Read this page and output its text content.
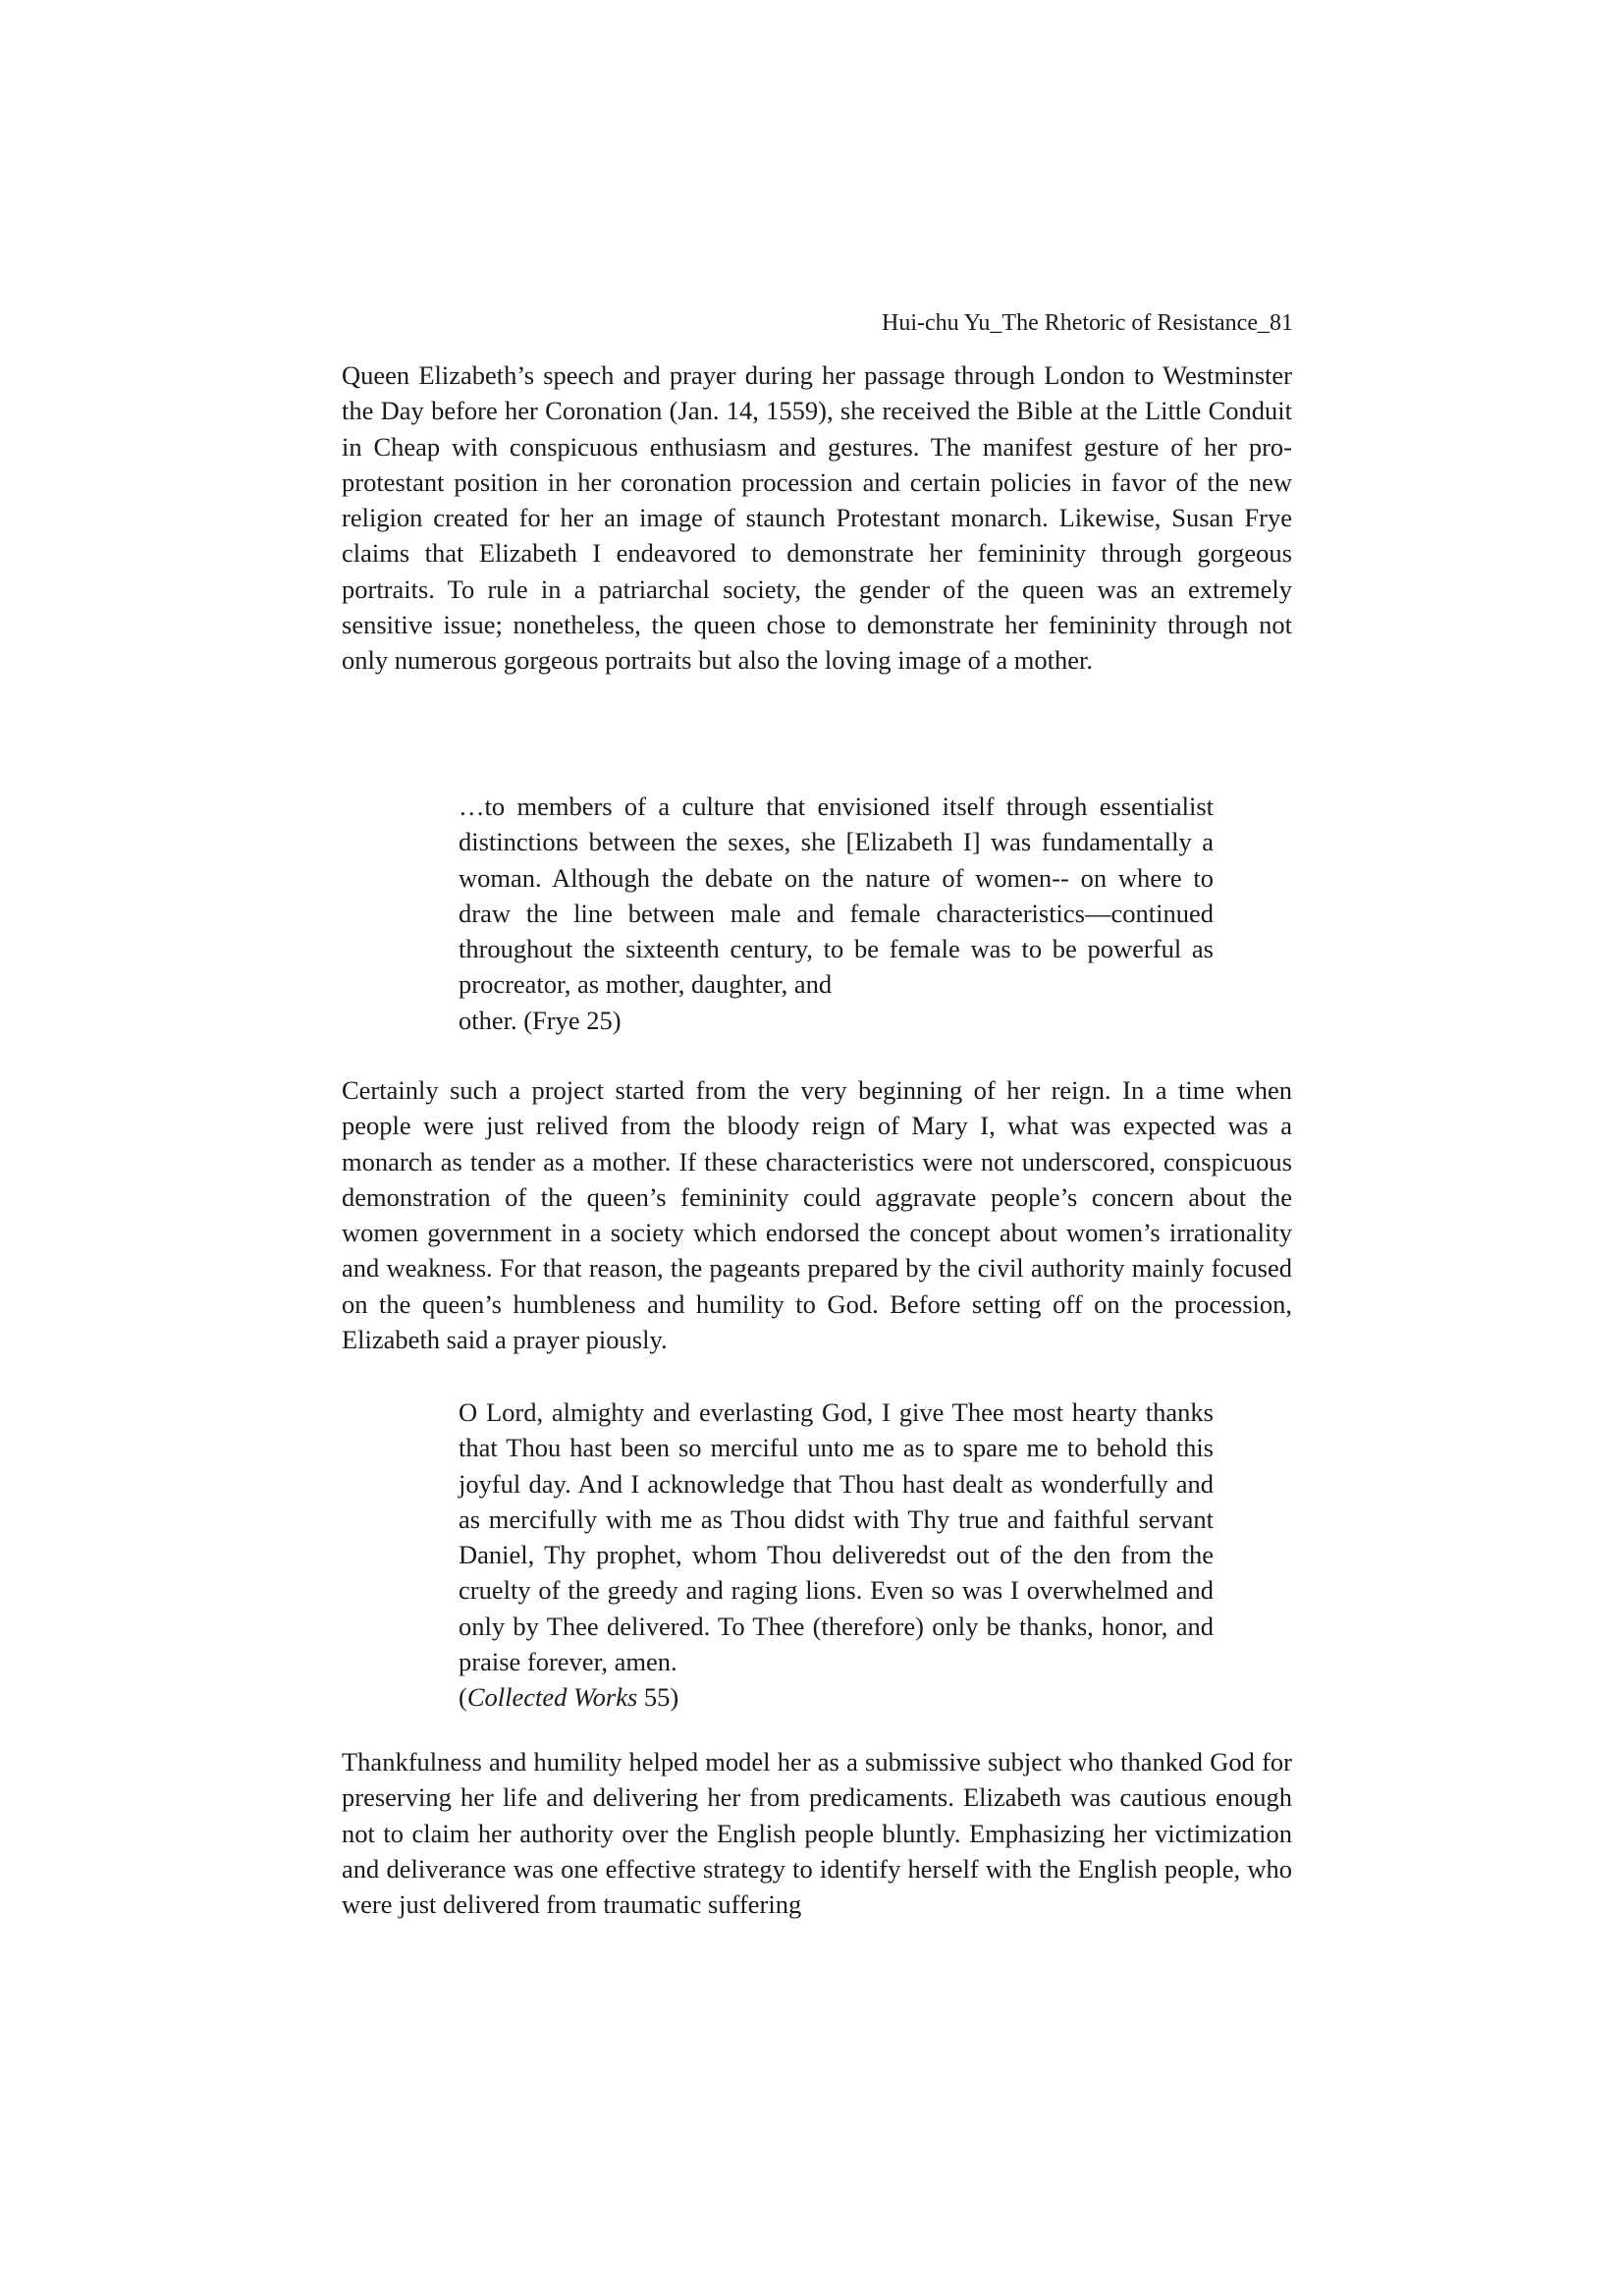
Hui-chu Yu_The Rhetoric of Resistance_81

Queen Elizabeth’s speech and prayer during her passage through London to Westminster the Day before her Coronation (Jan. 14, 1559), she received the Bible at the Little Conduit in Cheap with conspicuous enthusiasm and gestures. The manifest gesture of her pro-protestant position in her coronation procession and certain policies in favor of the new religion created for her an image of staunch Protestant monarch. Likewise, Susan Frye claims that Elizabeth I endeavored to demonstrate her femininity through gorgeous portraits. To rule in a patriarchal society, the gender of the queen was an extremely sensitive issue; nonetheless, the queen chose to demonstrate her femininity through not only numerous gorgeous portraits but also the loving image of a mother.

…to members of a culture that envisioned itself through essentialist distinctions between the sexes, she [Elizabeth I] was fundamentally a woman. Although the debate on the nature of women-- on where to draw the line between male and female characteristics—continued throughout the sixteenth century, to be female was to be powerful as procreator, as mother, daughter, and
other. (Frye 25)

Certainly such a project started from the very beginning of her reign. In a time when people were just relived from the bloody reign of Mary I, what was expected was a monarch as tender as a mother. If these characteristics were not underscored, conspicuous demonstration of the queen’s femininity could aggravate people’s concern about the women government in a society which endorsed the concept about women’s irrationality and weakness. For that reason, the pageants prepared by the civil authority mainly focused on the queen’s humbleness and humility to God. Before setting off on the procession, Elizabeth said a prayer piously.

O Lord, almighty and everlasting God, I give Thee most hearty thanks that Thou hast been so merciful unto me as to spare me to behold this joyful day. And I acknowledge that Thou hast dealt as wonderfully and as mercifully with me as Thou didst with Thy true and faithful servant Daniel, Thy prophet, whom Thou deliveredst out of the den from the cruelty of the greedy and raging lions. Even so was I overwhelmed and only by Thee delivered. To Thee (therefore) only be thanks, honor, and praise forever, amen.
(Collected Works 55)

Thankfulness and humility helped model her as a submissive subject who thanked God for preserving her life and delivering her from predicaments. Elizabeth was cautious enough not to claim her authority over the English people bluntly. Emphasizing her victimization and deliverance was one effective strategy to identify herself with the English people, who were just delivered from traumatic suffering
